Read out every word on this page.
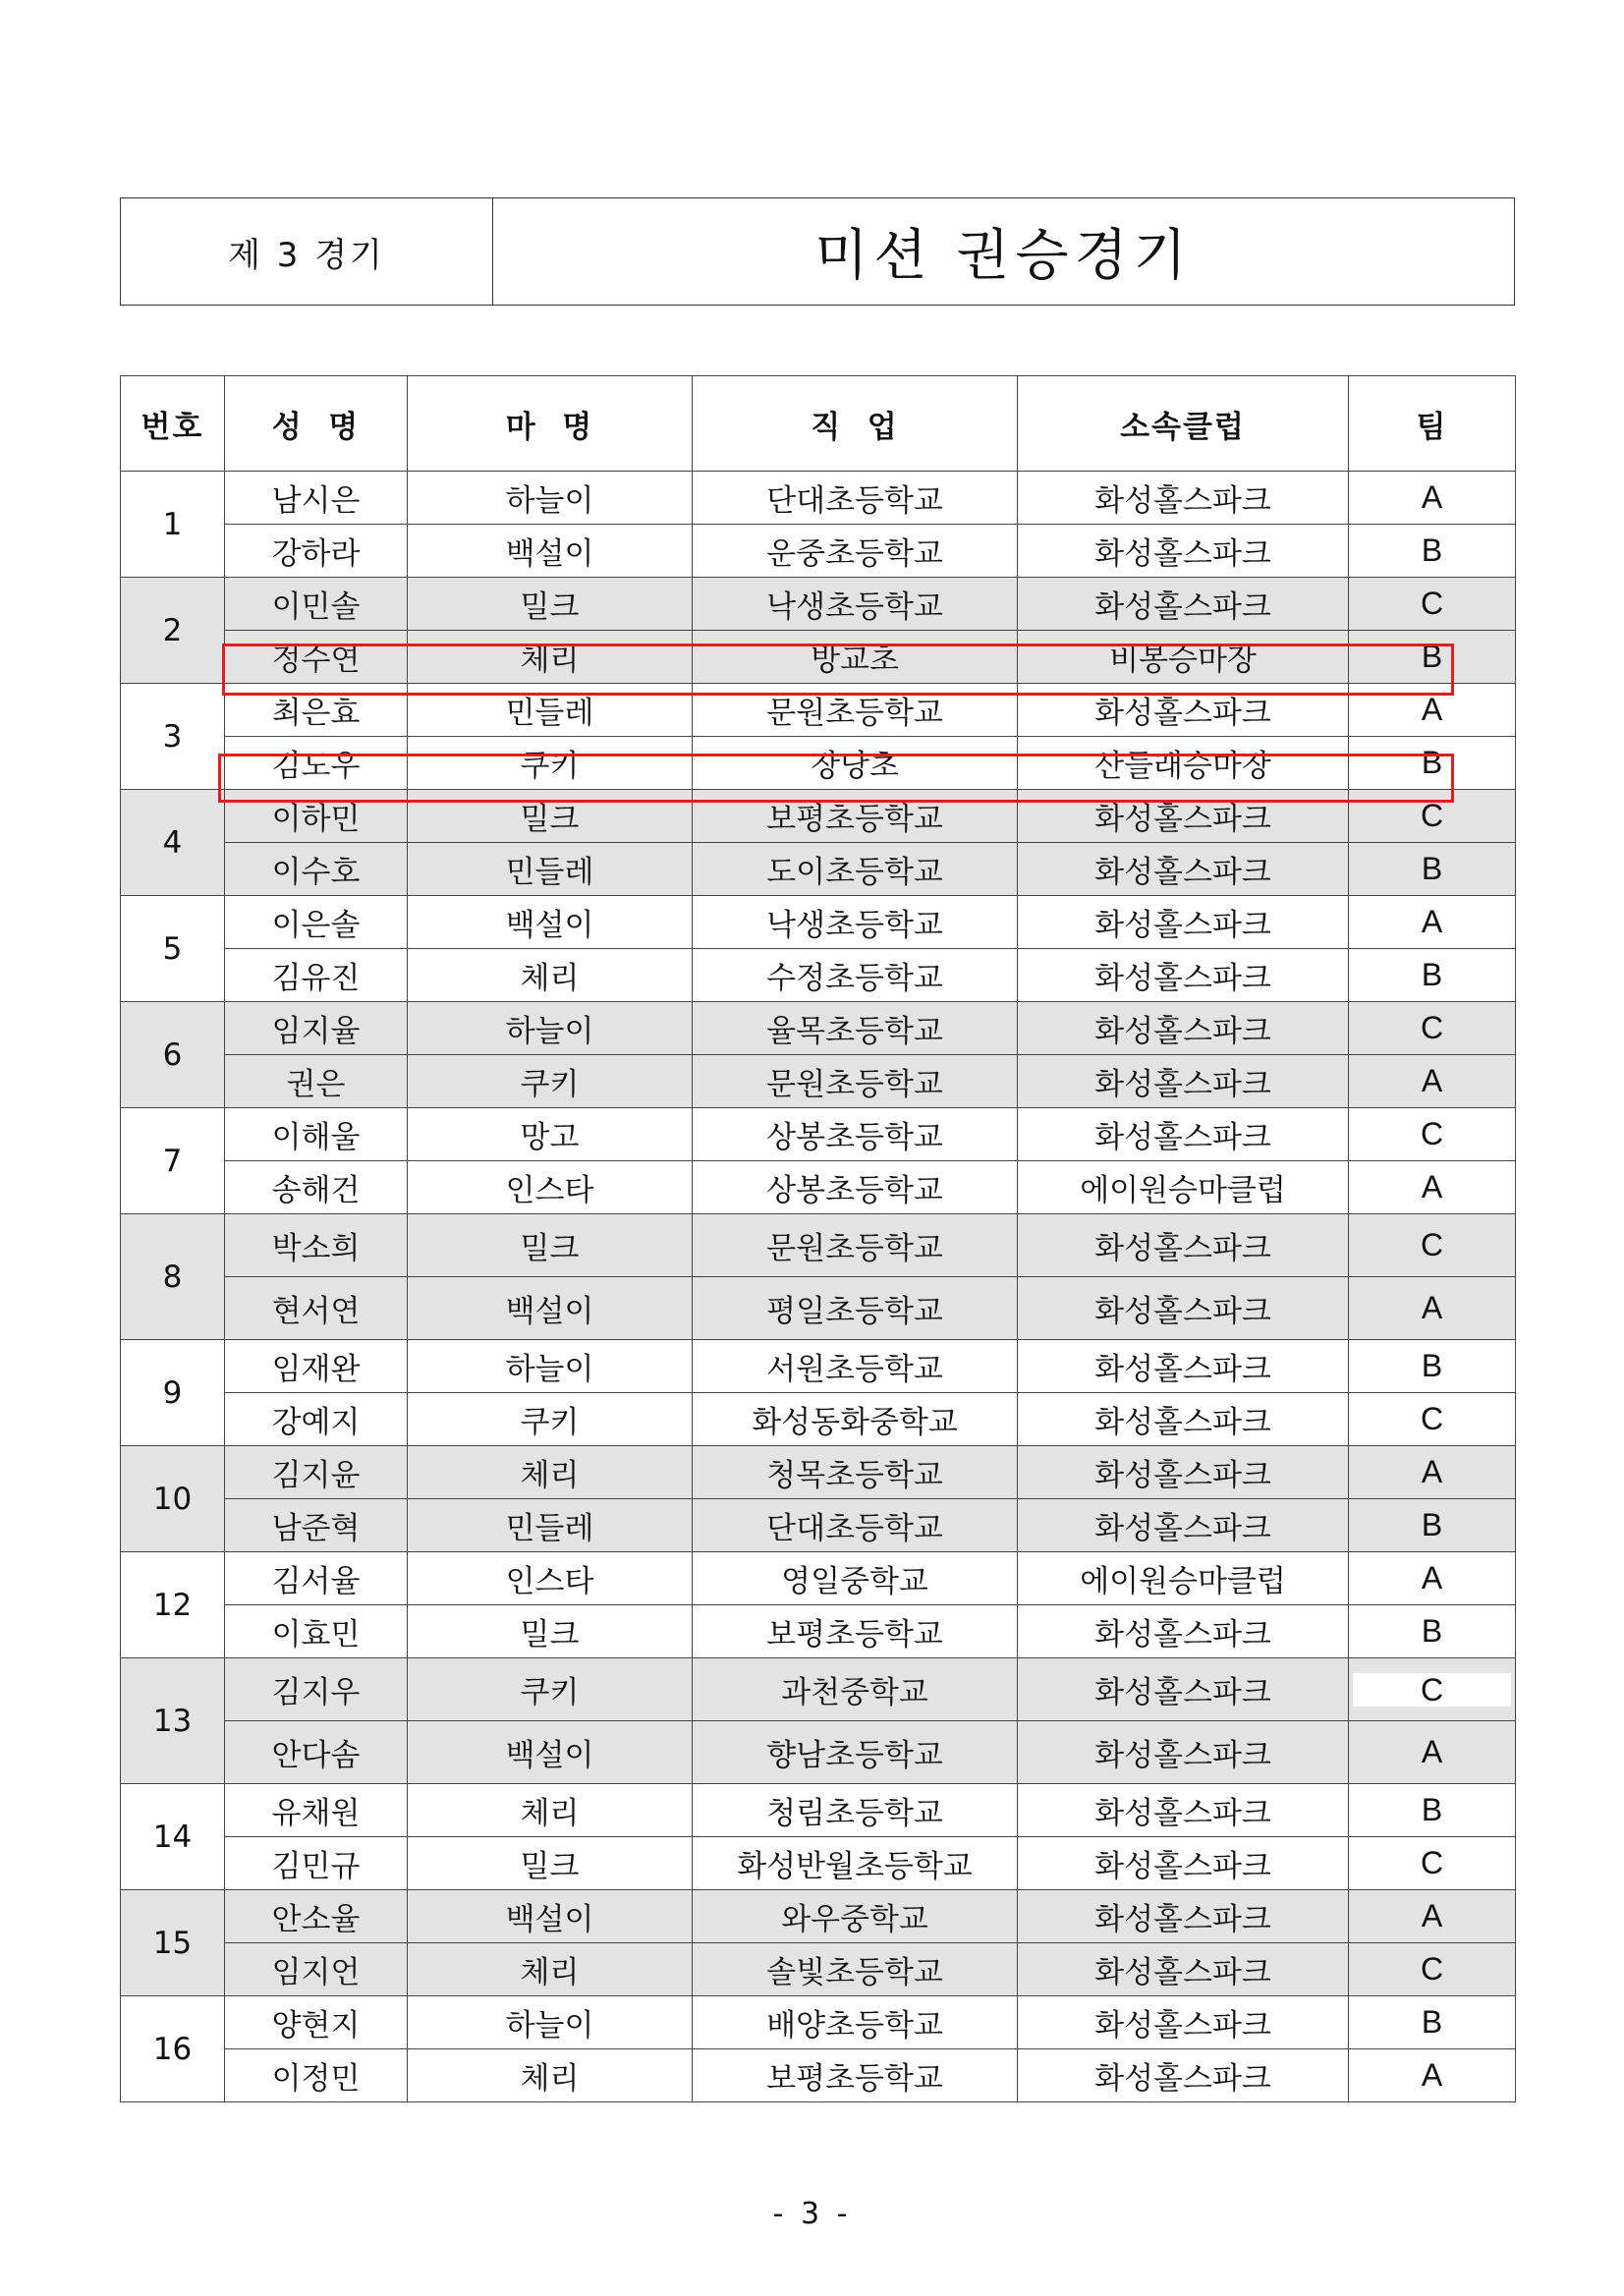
제 3 경기	미션 권승경기
번호	성  명	마  명	직  업	소속클럽	팀
1	남시은	하늘이	단대초등학교	화성홀스파크	A
	강하라	백설이	운중초등학교	화성홀스파크	B
2	이민솔	밀크	낙생초등학교	화성홀스파크	C
	정수연	체리	방교초	비봉승마장	B
3	최은효	민들레	문원초등학교	화성홀스파크	A
	김도우	쿠키	장당초	산들래승마장	B
4	이하민	밀크	보평초등학교	화성홀스파크	C
	이수호	민들레	도이초등학교	화성홀스파크	B
5	이은솔	백설이	낙생초등학교	화성홀스파크	A
	김유진	체리	수정초등학교	화성홀스파크	B
6	임지율	하늘이	율목초등학교	화성홀스파크	C
	권은	쿠키	문원초등학교	화성홀스파크	A
7	이해울	망고	상봉초등학교	화성홀스파크	C
	송해건	인스타	상봉초등학교	에이원승마클럽	A
8	박소희	밀크	문원초등학교	화성홀스파크	C
	현서연	백설이	평일초등학교	화성홀스파크	A
9	임재완	하늘이	서원초등학교	화성홀스파크	B
	강예지	쿠키	화성동화중학교	화성홀스파크	C
10	김지윤	체리	청목초등학교	화성홀스파크	A
	남준혁	민들레	단대초등학교	화성홀스파크	B
12	김서율	인스타	영일중학교	에이원승마클럽	A
	이효민	밀크	보평초등학교	화성홀스파크	B
13	김지우	쿠키	과천중학교	화성홀스파크	C

	안다솜	백설이	향남초등학교	화성홀스파크	A
14	유채원	체리	청림초등학교	화성홀스파크	B
	김민규	밀크	화성반월초등학교	화성홀스파크	C
15	안소율	백설이	와우중학교	화성홀스파크	A
	임지언	체리	솔빛초등학교	화성홀스파크	C
16	양현지	하늘이	배양초등학교	화성홀스파크	B
	이정민	체리	보평초등학교	화성홀스파크	A
- 3 -
